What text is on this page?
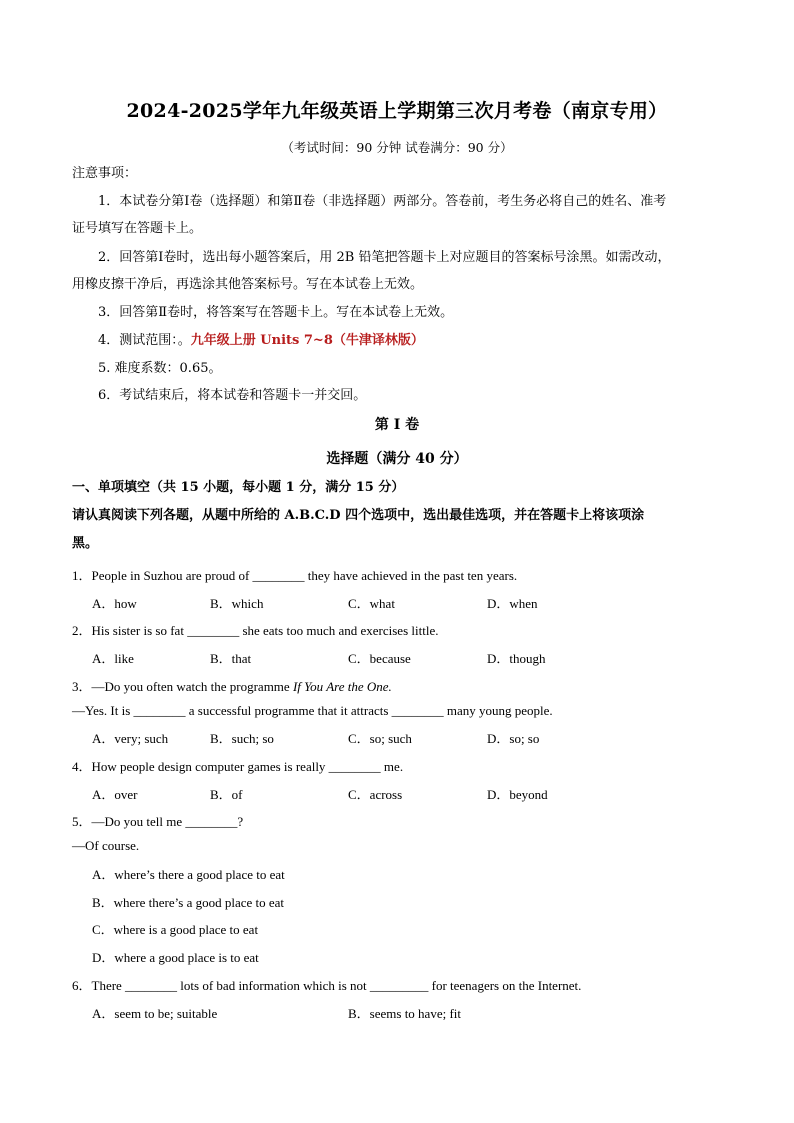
2024-2025学年九年级英语上学期第三次月考卷（南京专用）
（考试时间：90 分钟 试卷满分：90 分）
注意事项：
1．本试卷分第Ⅰ卷（选择题）和第Ⅱ卷（非选择题）两部分。答卷前，考生务必将自己的姓名、准考
证号填写在答题卡上。
2．回答第Ⅰ卷时，选出每小题答案后，用 2B 铅笔把答题卡上对应题目的答案标号涂黑。如需改动，
用橡皮擦干净后，再选涂其他答案标号。写在本试卷上无效。
3．回答第Ⅱ卷时，将答案写在答题卡上。写在本试卷上无效。
4．测试范围：。九年级上册 Units 7~8（牛津译林版）
5. 难度系数：0.65。
6．考试结束后，将本试卷和答题卡一并交回。
第 I 卷
选择题（满分 40 分）
一、单项填空（共 15 小题，每小题 1 分，满分 15 分）
请认真阅读下列各题，从题中所给的 A.B.C.D 四个选项中，选出最佳选项，并在答题卡上将该项涂
黑。
1．People in Suzhou are proud of ________ they have achieved in the past ten years.
A．how	B．which	C．what	D．when
2．His sister is so fat ________ she eats too much and exercises little.
A．like	B．that	C．because	D．though
3．—Do you often watch the programme If You Are the One.
—Yes. It is ________ a successful programme that it attracts ________ many young people.
A．very; such	B．such; so	C．so; such	D．so; so
4．How people design computer games is really ________ me.
A．over	B．of	C．across	D．beyond
5．—Do you tell me ________?
—Of course.
A．where’s there a good place to eat
B．where there’s a good place to eat
C．where is a good place to eat
D．where a good place is to eat
6．There ________ lots of bad information which is not _________ for teenagers on the Internet.
A．seem to be; suitable	B．seems to have; fit
